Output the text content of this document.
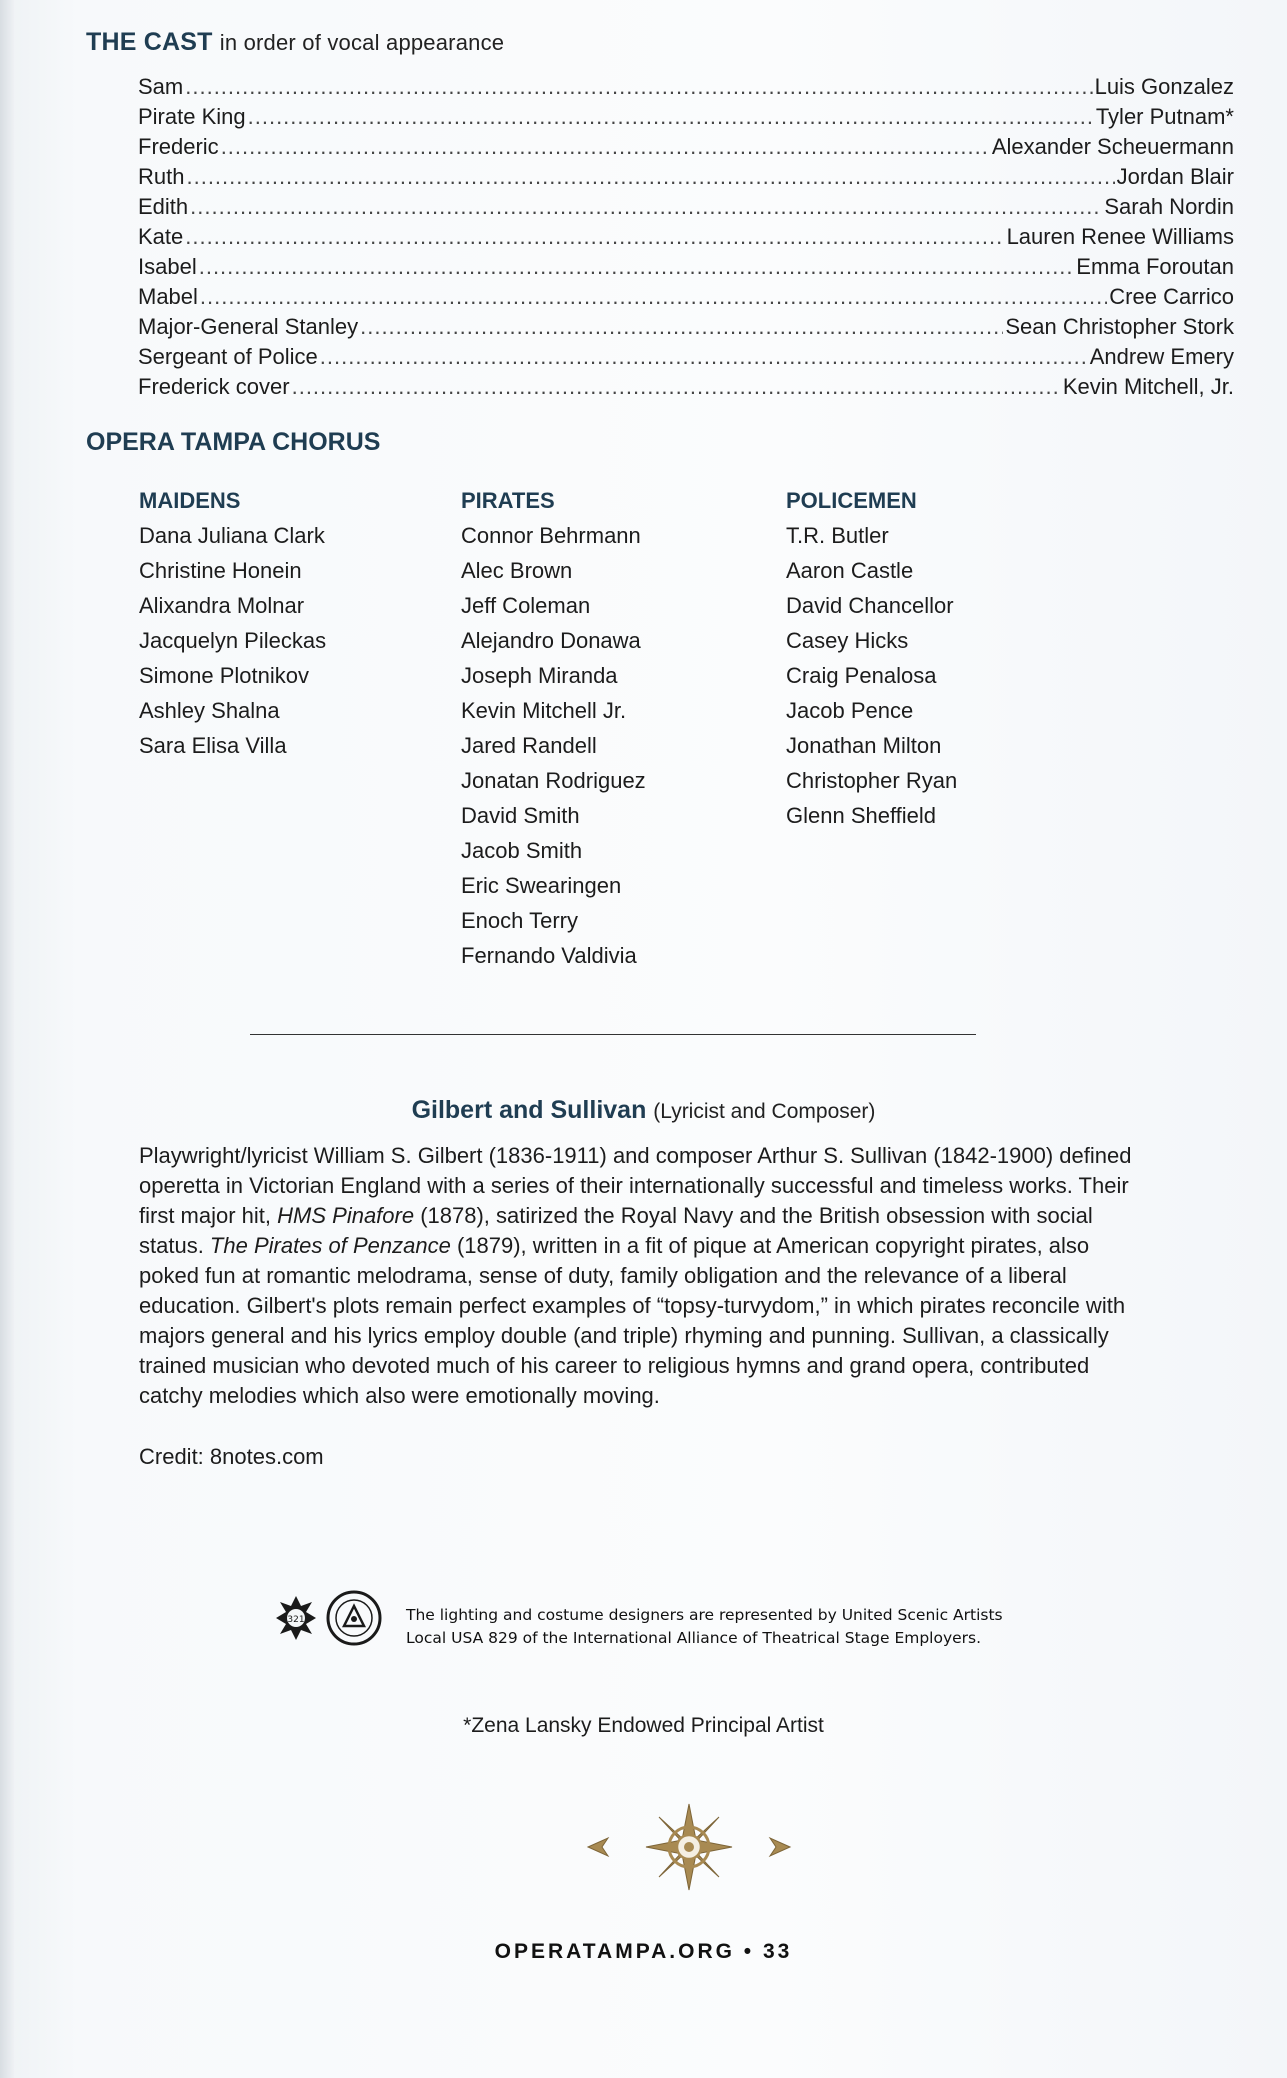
THE CAST in order of vocal appearance
Sam .....	Luis Gonzalez
Pirate King .....	Tyler Putnam*
Frederic .....	Alexander Scheuermann
Ruth .....	Jordan Blair
Edith .....	Sarah Nordin
Kate .....	Lauren Renee Williams
Isabel .....	Emma Foroutan
Mabel .....	Cree Carrico
Major-General Stanley .....	Sean Christopher Stork
Sergeant of Police .....	Andrew Emery
Frederick cover .....	Kevin Mitchell, Jr.
OPERA TAMPA CHORUS
MAIDENS
Dana Juliana Clark
Christine Honein
Alixandra Molnar
Jacquelyn Pileckas
Simone Plotnikov
Ashley Shalna
Sara Elisa Villa
PIRATES
Connor Behrmann
Alec Brown
Jeff Coleman
Alejandro Donawa
Joseph Miranda
Kevin Mitchell Jr.
Jared Randell
Jonatan Rodriguez
David Smith
Jacob Smith
Eric Swearingen
Enoch Terry
Fernando Valdivia
POLICEMEN
T.R. Butler
Aaron Castle
David Chancellor
Casey Hicks
Craig Penalosa
Jacob Pence
Jonathan Milton
Christopher Ryan
Glenn Sheffield
Gilbert and Sullivan (Lyricist and Composer)
Playwright/lyricist William S. Gilbert (1836-1911) and composer Arthur S. Sullivan (1842-1900) defined operetta in Victorian England with a series of their internationally successful and timeless works. Their first major hit, HMS Pinafore (1878), satirized the Royal Navy and the British obsession with social status. The Pirates of Penzance (1879), written in a fit of pique at American copyright pirates, also poked fun at romantic melodrama, sense of duty, family obligation and the relevance of a liberal education. Gilbert's plots remain perfect examples of “topsy-turvydom,” in which pirates reconcile with majors general and his lyrics employ double (and triple) rhyming and punning. Sullivan, a classically trained musician who devoted much of his career to religious hymns and grand opera, contributed catchy melodies which also were emotionally moving.
Credit: 8notes.com
321	The lighting and costume designers are represented by United Scenic Artists
Local USA 829 of the International Alliance of Theatrical Stage Employers.
*Zena Lansky Endowed Principal Artist
OPERATAMPA.ORG • 33
